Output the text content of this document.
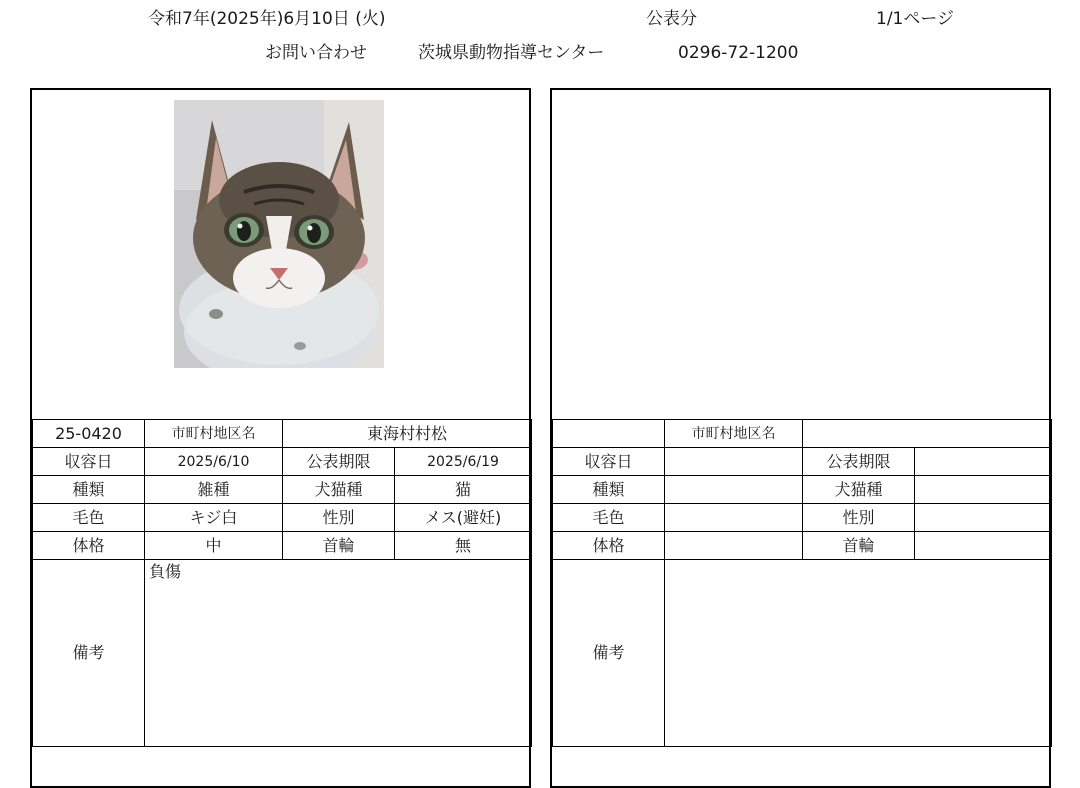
令和7年(2025年)6月10日 (火)	公表分	1/1ページ
お問い合わせ	茨城県動物指導センター	0296-72-1200
25-0420	市町村地区名	東海村村松	
収容日	2025/6/10	公表期限	2025/6/19
種類	雑種	犬猫種	猫
毛色	キジ白	性別	メス(避妊)
体格	中	首輪	無
備考	負傷		
	市町村地区名		
収容日		公表期限	
種類		犬猫種	
毛色		性別	
体格		首輪	
備考			
